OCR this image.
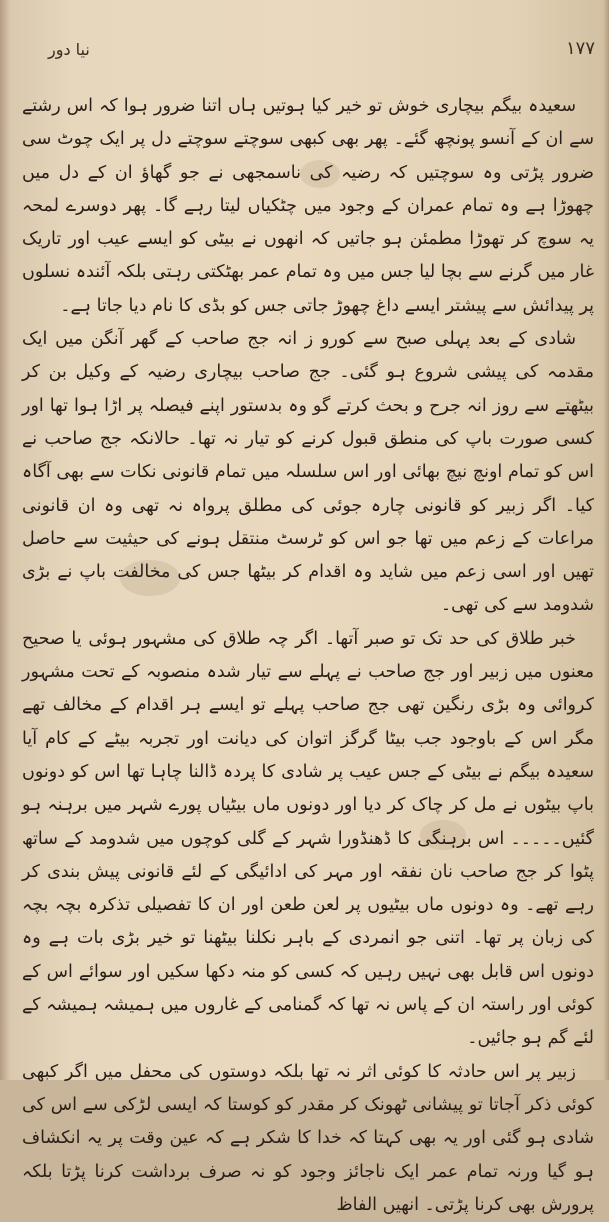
۱۷۷
نیا دور

سعیدہ بیگم بیچاری خوش تو خیر کیا ہوتیں ہاں اتنا ضرور ہوا کہ اس رشتے سے ان کے آنسو پونچھ گئے۔ پھر بھی کبھی سوچتے سوچتے دل پر ایک چوٹ سی ضرور پڑتی وہ سوچتیں کہ رضیہ کی ناسمجھی نے جو گھاؤ ان کے دل میں چھوڑا ہے وہ تمام عمران کے وجود میں چٹکیاں لیتا رہے گا۔ پھر دوسرے لمحہ یہ سوچ کر تھوڑا مطمئن ہو جاتیں کہ انھوں نے بیٹی کو ایسے عیب اور تاریک غار میں گرنے سے بچا لیا جس میں وہ تمام عمر بھٹکتی رہتی بلکہ آئندہ نسلوں پر پیدائش سے پیشتر ایسے داغ چھوڑ جاتی جس کو بڈی کا نام دیا جاتا ہے۔

شادی کے بعد پہلی صبح سے کورو ز انہ جج صاحب کے گھر آنگن میں ایک مقدمہ کی پیشی شروع ہو گئی۔ جج صاحب بیچاری رضیہ کے وکیل بن کر بیٹھتے سے روز انہ جرح و بحث کرتے گو وہ بدستور اپنے فیصلہ پر اڑا ہوا تھا اور کسی صورت باپ کی منطق قبول کرنے کو تیار نہ تھا۔ حالانکہ جج صاحب نے اس کو تمام اونچ نیچ بھائی اور اس سلسلہ میں تمام قانونی نکات سے بھی آگاہ کیا۔ اگر زبیر کو قانونی چارہ جوئی کی مطلق پرواہ نہ تھی وہ ان قانونی مراعات کے زعم میں تھا جو اس کو ٹرسٹ منتقل ہونے کی حیثیت سے حاصل تھیں اور اسی زعم میں شاید وہ اقدام کر بیٹھا جس کی مخالفت باپ نے بڑی شدومد سے کی تھی۔

خبر طلاق کی حد تک تو صبر آتھا۔ اگر چہ طلاق کی مشہور ہوئی یا صحیح معنوں میں زبیر اور جج صاحب نے پہلے سے تیار شدہ منصوبہ کے تحت مشہور کروائی وہ بڑی رنگین تھی جج صاحب پہلے تو ایسے ہر اقدام کے مخالف تھے مگر اس کے باوجود جب بیٹا گرگز اتوان کی دیانت اور تجربہ بیٹے کے کام آیا سعیدہ بیگم نے بیٹی کے جس عیب پر شادی کا پردہ ڈالنا چاہا تھا اس کو دونوں باپ بیٹوں نے مل کر چاک کر دیا اور دونوں ماں بیٹیاں پورے شہر میں برہنہ ہو گئیں۔۔۔۔۔ اس برہنگی کا ڈھنڈورا شہر کے گلی کوچوں میں شدومد کے ساتھ پٹوا کر جج صاحب نان نفقہ اور مہر کی ادائیگی کے لئے قانونی پیش بندی کر رہے تھے۔ وہ دونوں ماں بیٹیوں پر لعن طعن اور ان کا تفصیلی تذکرہ بچہ بچہ کی زبان پر تھا۔ اتنی جو انمردی کے باہر نکلنا بیٹھنا تو خیر بڑی بات ہے وہ دونوں اس قابل بھی نہیں رہیں کہ کسی کو منہ دکھا سکیں اور سوائے اس کے کوئی اور راستہ ان کے پاس نہ تھا کہ گمنامی کے غاروں میں ہمیشہ ہمیشہ کے لئے گم ہو جائیں۔

زبیر پر اس حادثہ کا کوئی اثر نہ تھا بلکہ دوستوں کی محفل میں اگر کبھی کوئی ذکر آجاتا تو پیشانی ٹھونک کر مقدر کو کوستا کہ ایسی لڑکی سے اس کی شادی ہو گئی اور یہ بھی کہتا کہ خدا کا شکر ہے کہ عین وقت پر یہ انکشاف ہو گیا ورنہ تمام عمر ایک ناجائز وجود کو نہ صرف برداشت کرنا پڑتا بلکہ پرورش بھی کرنا پڑتی۔ انھیں الفاظ
